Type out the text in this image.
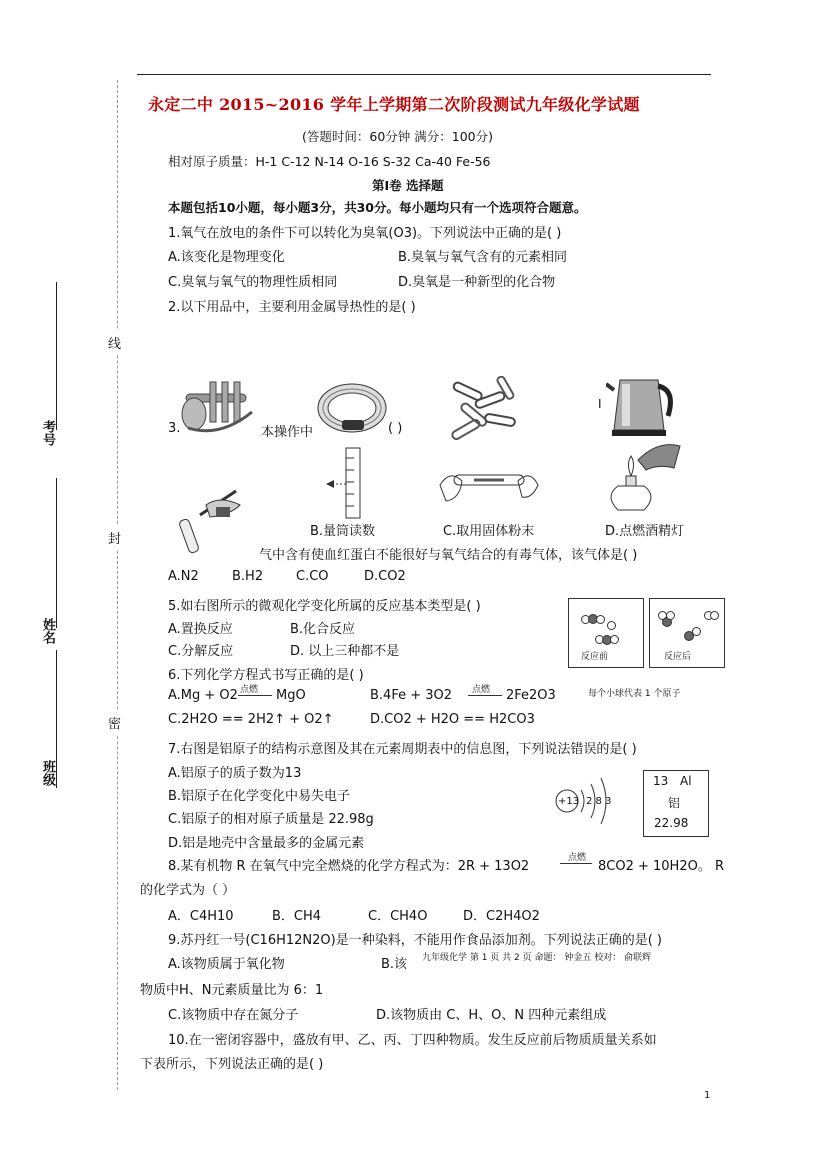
考号
姓名
班级
线
封
密
永定二中 2015~2016 学年上学期第二次阶段测试九年级化学试题
(答题时间：60分钟 满分：100分)
相对原子质量：H-1 C-12 N-14 O-16 S-32 Ca-40 Fe-56
第Ⅰ卷 选择题
本题包括10小题，每小题3分，共30分。每小题均只有一个选项符合题意。
1.氧气在放电的条件下可以转化为臭氧(O3)。下列说法中正确的是( )
A.该变化是物理变化	B.臭氧与氧气含有的元素相同
C.臭氧与氧气的物理性质相同	D.臭氧是一种新型的化合物
2.以下用品中，主要利用金属导热性的是( )
3.	本操作中	( )
I
B.量筒读数	C.取用固体粉末	D.点燃酒精灯
气中含有使血红蛋白不能很好与氧气结合的有毒气体，该气体是( )
A.N2	B.H2	C.CO	D.CO2
5.如右图所示的微观化学变化所属的反应基本类型是( )
A.置换反应	B.化合反应
C.分解反应	D. 以上三种都不是	反应前	反应后
每个小球代表 1 个原子
6.下列化学方程式书写正确的是( )
A.Mg + O2 点燃 MgO	B.4Fe + 3O2 点燃 2Fe2O3
C.2H2O == 2H2↑ + O2↑	D.CO2 + H2O == H2CO3
7.右图是铝原子的结构示意图及其在元素周期表中的信息图，下列说法错误的是( )
A.铝原子的质子数为13
B.铝原子在化学变化中易失电子
C.铝原子的相对原子质量是 22.98g
D.铝是地壳中含量最多的金属元素
+13 2 8 3
13 Al
铝
22.98
8.某有机物 R 在氧气中完全燃烧的化学方程式为：2R + 13O2
点燃
8CO2 + 10H2O。 R
的化学式为（ ）
A．C4H10	B．CH4	C．CH4O	D．C2H4O2
9.苏丹红一号(C16H12N2O)是一种染料，不能用作食品添加剂。下列说法正确的是( )
A.该物质属于氧化物	B.该 九年级化学 第 1 页 共 2 页 命题： 钟金五 校对： 俞联辉
物质中H、N元素质量比为 6：1
C.该物质中存在氮分子	D.该物质由 C、H、O、N 四种元素组成
10.在一密闭容器中，盛放有甲、乙、丙、丁四种物质。发生反应前后物质质量关系如
下表所示，下列说法正确的是( )
1
